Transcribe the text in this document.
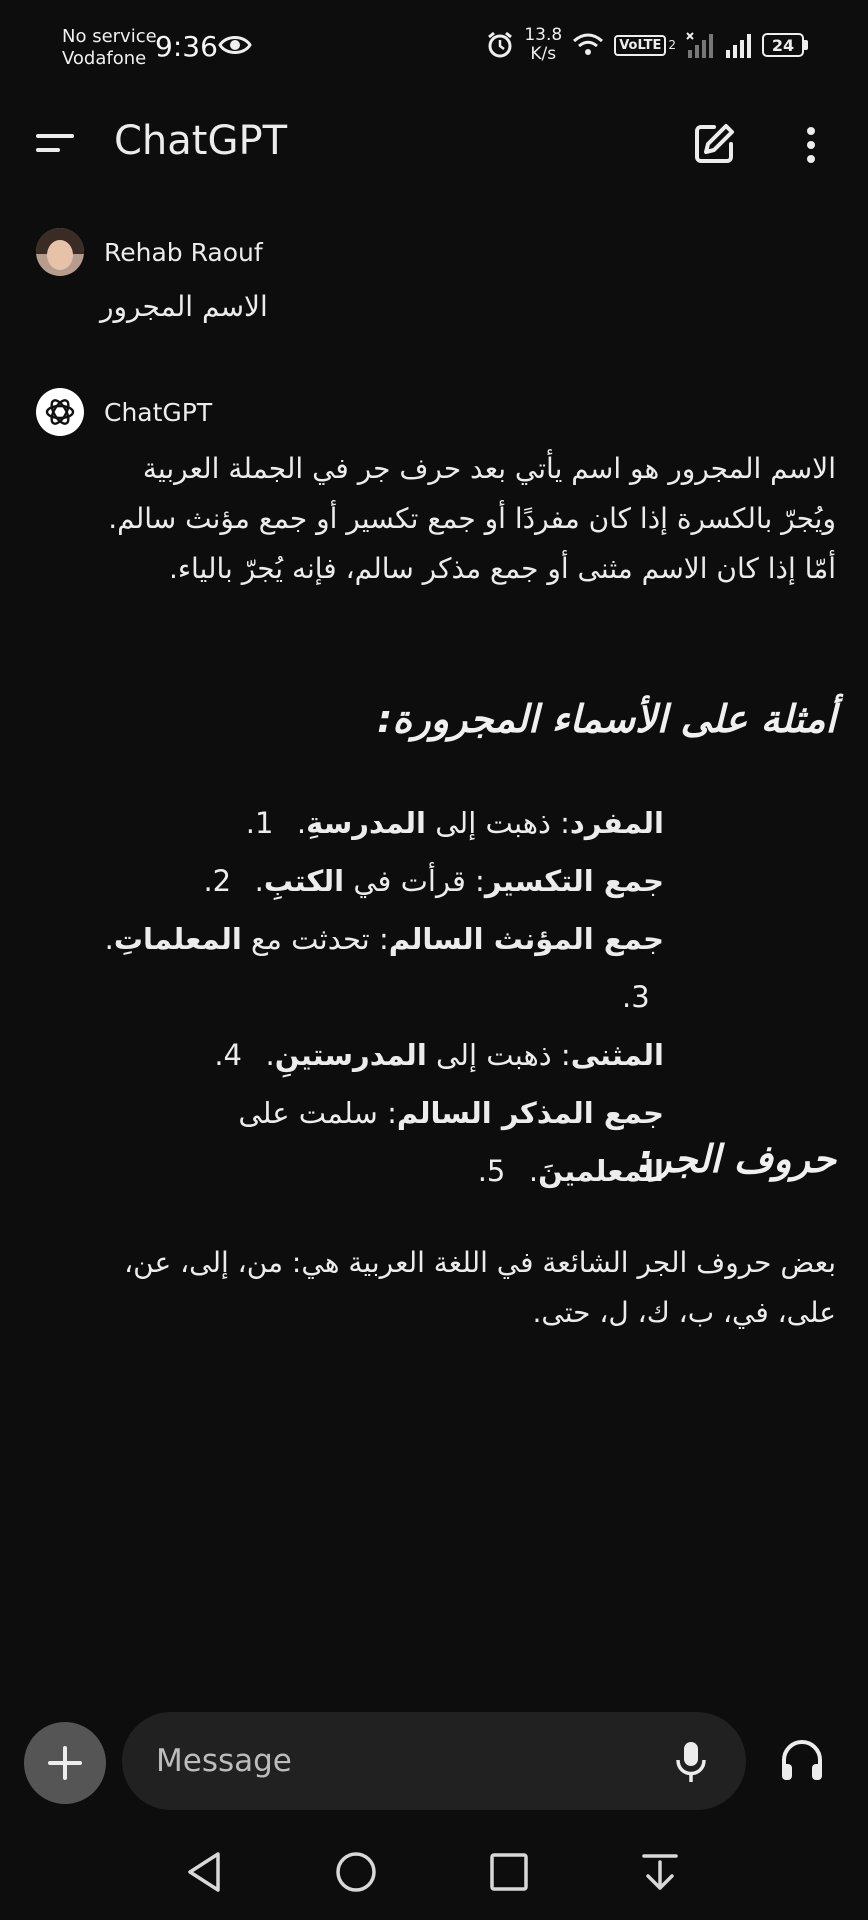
No service
Vodafone 9:36	13.8
K/s	VoLTE 2	24
ChatGPT
Rehab Raouf
الاسم المجرور
ChatGPT
الاسم المجرور هو اسم يأتي بعد حرف جر في الجملة العربية ويُجرّ بالكسرة إذا كان مفردًا أو جمع تكسير أو جمع مؤنث سالم. أمّا إذا كان الاسم مثنى أو جمع مذكر سالم، فإنه يُجرّ بالياء.
أمثلة على الأسماء المجرورة:
المفرد: ذهبت إلى المدرسةِ. 1.
جمع التكسير: قرأت في الكتبِ. 2.
جمع المؤنث السالم: تحدثت مع المعلماتِ. 3.
المثنى: ذهبت إلى المدرستينِ. 4.
جمع المذكر السالم: سلمت على المعلمينَ. 5.	حروف الجر:
بعض حروف الجر الشائعة في اللغة العربية هي: من، إلى، عن، على، في، ب، ك، ل، حتى.
Message
